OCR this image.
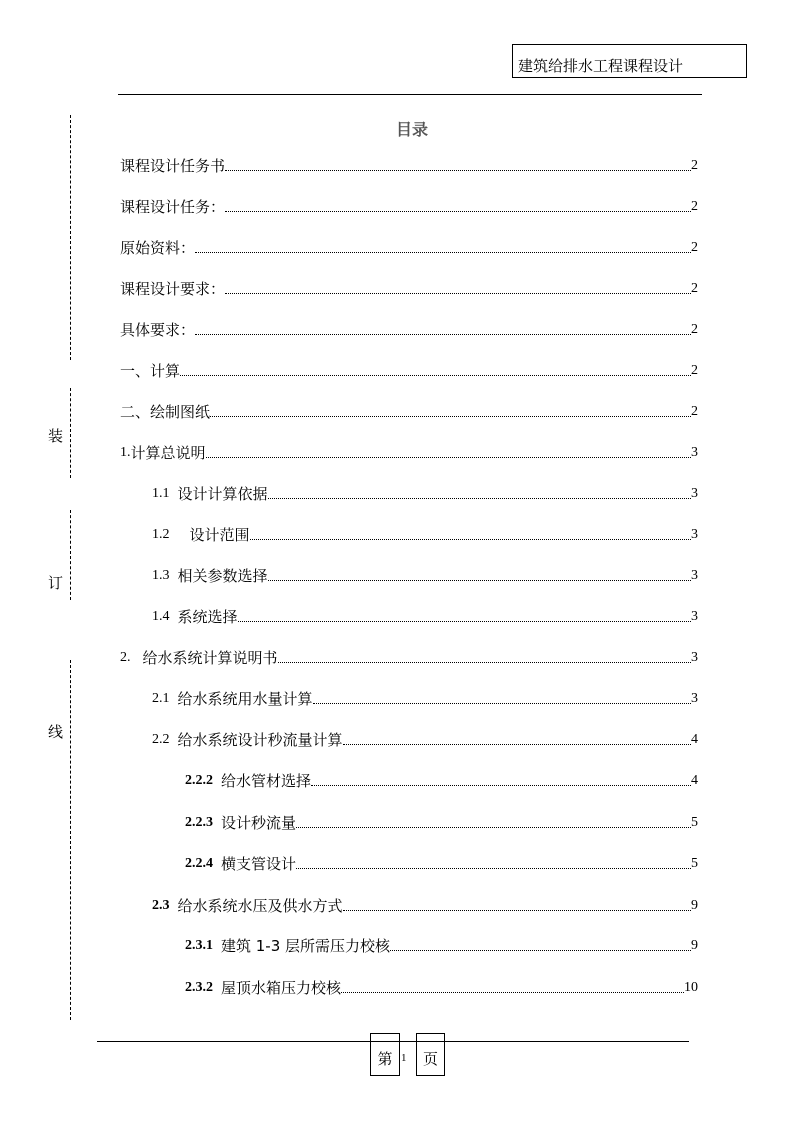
建筑给排水工程课程设计
装
订
线
目录
课程设计任务书	2
课程设计任务：	2
原始资料：	2
课程设计要求：	2
具体要求：	2
一、计算	2
二、绘制图纸	2
1. 计算总说明	3
1.1 设计计算依据	3
1.2 设计范围	3
1.3 相关参数选择	3
1.4 系统选择	3
2. 给水系统计算说明书	3
2.1 给水系统用水量计算	3
2.2 给水系统设计秒流量计算	4
2.2.2 给水管材选择	4
2.2.3 设计秒流量	5
2.2.4 横支管设计	5
2.3 给水系统水压及供水方式	9
2.3.1 建筑 1-3 层所需压力校核	9
2.3.2 屋顶水箱压力校核	10
第 1	页
